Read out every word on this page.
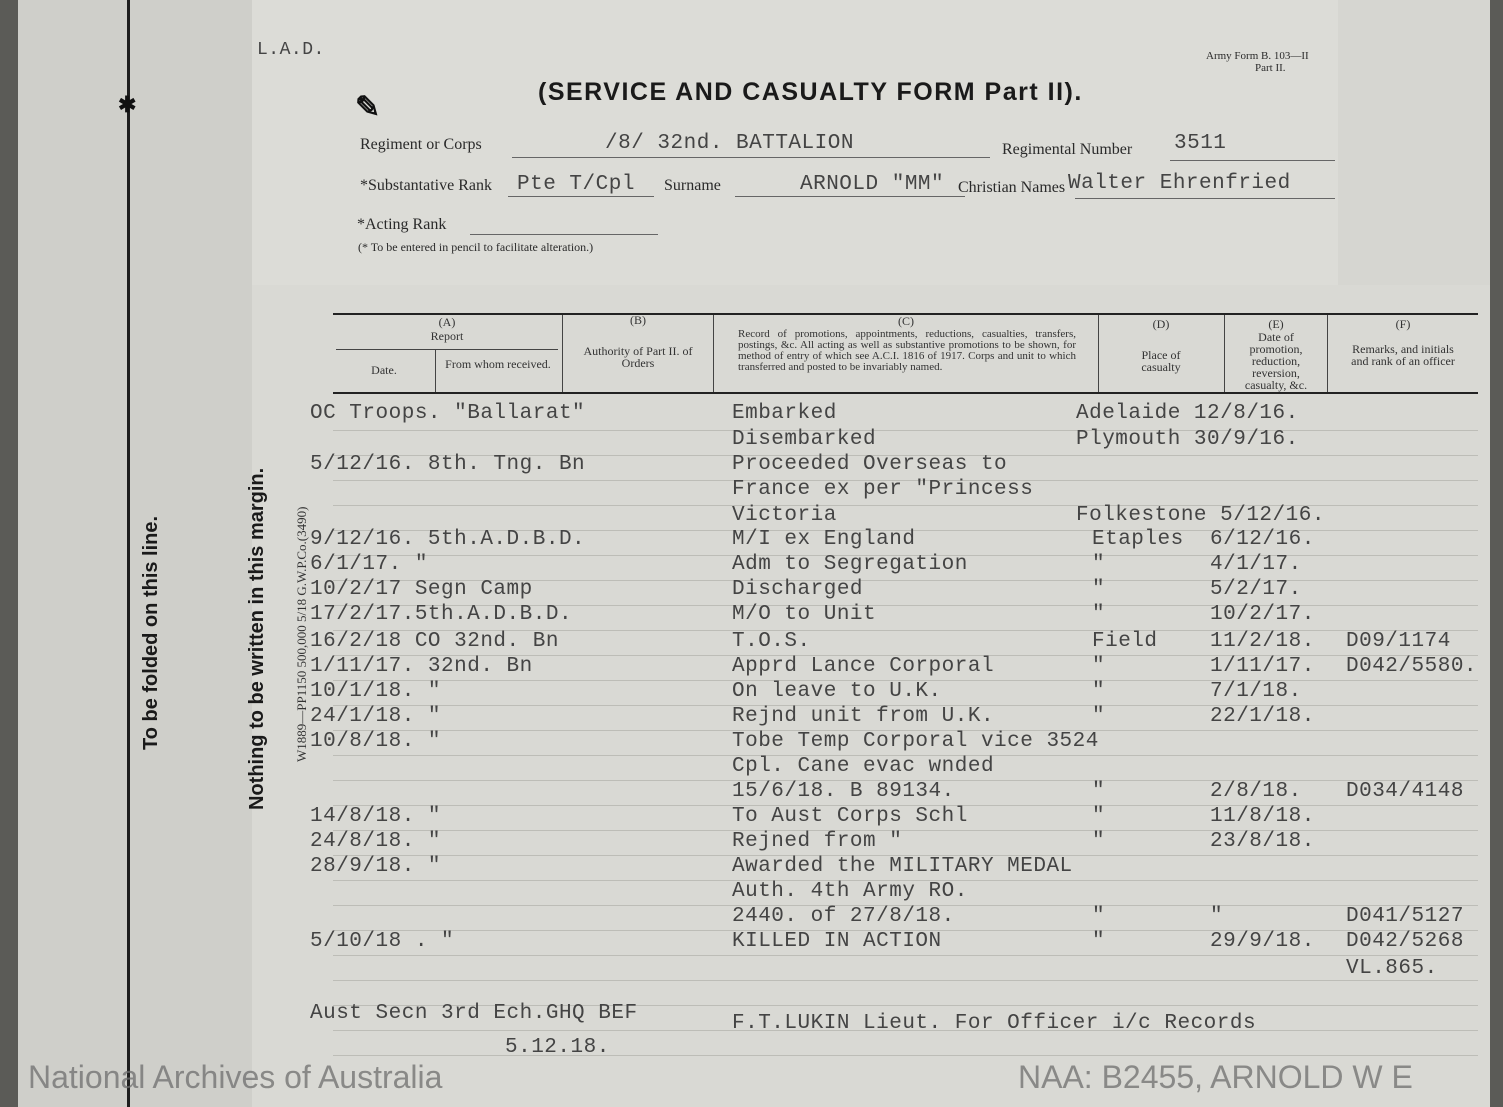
To be folded on this line.	Nothing to be written in this margin. W1889—PP1150 500,000 5/18 G.W.P.Co.(3490)
✱	✎
L.A.D.	Army Form B. 103—II
Part II.
(SERVICE AND CASUALTY FORM Part II).
Regiment or Corps	/8/ 32nd. BATTALION	Regimental Number 3511
*Substantative Rank Pte T/Cpl Surname	ARNOLD "MM" Christian Names Walter Ehrenfried
*Acting Rank
(* To be entered in pencil to facilitate alteration.)
(A)
Report
Date.	From whom received.
(B)
Authority of Part II. of Orders
(C)
Record of promotions, appointments, reductions, casualties, transfers, postings, &c. All acting as well as substantive promotions to be shown, for method of entry of which see A.C.I. 1816 of 1917. Corps and unit to which transferred and posted to be invariably named.
(D)
Place of casualty
(E)
Date of promotion, reduction, reversion, casualty, &c.
(F)
Remarks, and initials and rank of an officer
OC Troops. "Ballarat"	Embarked	Adelaide 12/8/16.
Disembarked	Plymouth 30/9/16.
5/12/16. 8th. Tng. Bn	Proceeded Overseas to
France ex per "Princess
Victoria	Folkestone 5/12/16.
9/12/16. 5th.A.D.B.D.	M/I ex England	Etaples 6/12/16.
6/1/17. "	Adm to Segregation	"	4/1/17.
10/2/17 Segn Camp	Discharged	"	5/2/17.
17/2/17.5th.A.D.B.D.	M/O to Unit	"	10/2/17.
16/2/18 CO 32nd. Bn	T.O.S.	Field 11/2/18. D09/1174
1/11/17. 32nd. Bn	Apprd Lance Corporal	"	1/11/17. D042/5580.
10/1/18. "	On leave to U.K.	"	7/1/18.
24/1/18. "	Rejnd unit from U.K.	"	22/1/18.
10/8/18. "	Tobe Temp Corporal vice 3524
Cpl. Cane evac wnded
15/6/18. B 89134.	"	2/8/18. D034/4148
14/8/18. "	To Aust Corps Schl	"	11/8/18.
24/8/18. "	Rejned from "	"	23/8/18.
28/9/18. "	Awarded the MILITARY MEDAL
Auth. 4th Army RO.
2440. of 27/8/18.	"	"	D041/5127
5/10/18 . "	KILLED IN ACTION	"	29/9/18. D042/5268
VL.865.
Aust Secn 3rd Ech.GHQ BEF
5.12.18.
F.T.LUKIN Lieut. For Officer i/c Records
National Archives of Australia	NAA: B2455, ARNOLD W E
